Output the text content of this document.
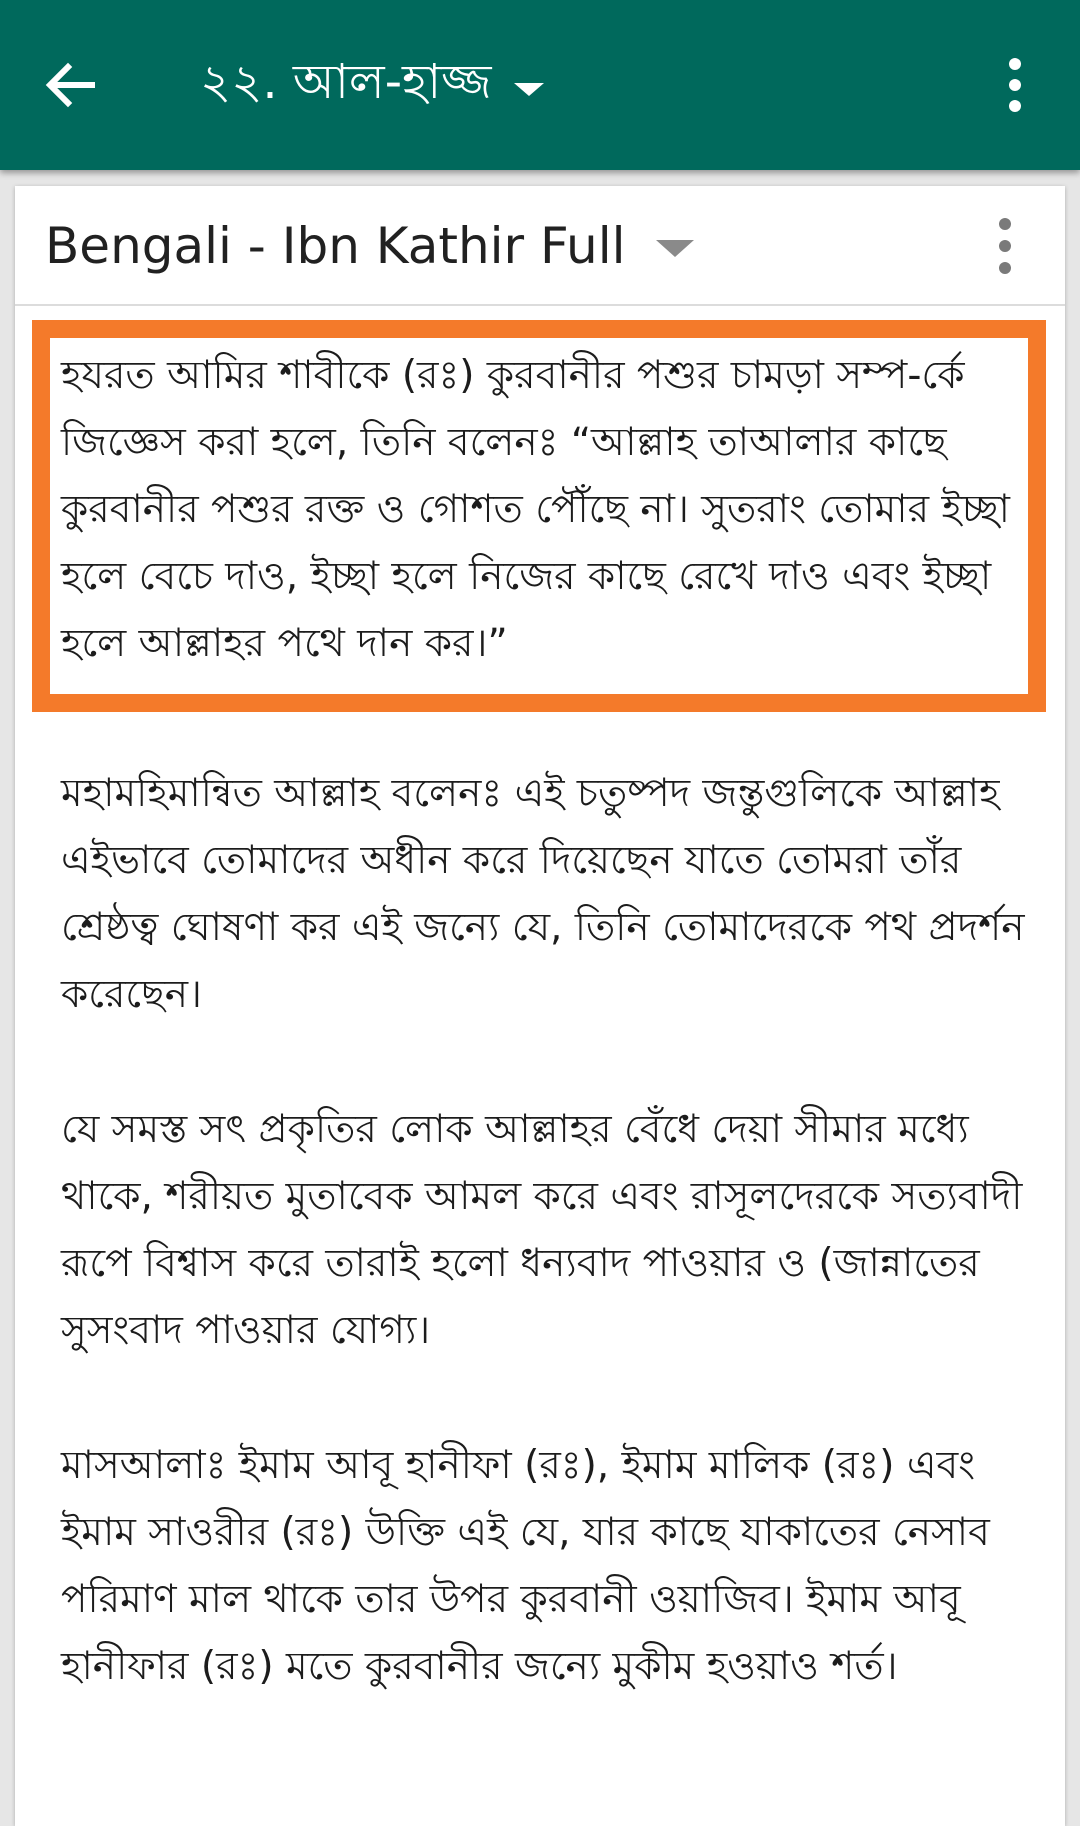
২২. আল-হাজ্জ
Bengali - Ibn Kathir Full

হযরত আমির শাবীকে (রঃ) কুরবানীর পশুর চামড়া সম্প-র্কে জিজ্ঞেস করা হলে, তিনি বলেনঃ “আল্লাহ তাআলার কাছে কুরবানীর পশুর রক্ত ও গোশত পৌঁছে না। সুতরাং তোমার ইচ্ছা হলে বেচে দাও, ইচ্ছা হলে নিজের কাছে রেখে দাও এবং ইচ্ছা হলে আল্লাহর পথে দান কর।”

মহামহিমান্বিত আল্লাহ বলেনঃ এই চতুষ্পদ জন্তুগুলিকে আল্লাহ এইভাবে তোমাদের অধীন করে দিয়েছেন যাতে তোমরা তাঁর শ্রেষ্ঠত্ব ঘোষণা কর এই জন্যে যে, তিনি তোমাদেরকে পথ প্রদর্শন করেছেন।

যে সমস্ত সৎ প্রকৃতির লোক আল্লাহর বেঁধে দেয়া সীমার মধ্যে থাকে, শরীয়ত মুতাবেক আমল করে এবং রাসূলদেরকে সত্যবাদী রূপে বিশ্বাস করে তারাই হলো ধন্যবাদ পাওয়ার ও (জান্নাতের সুসংবাদ পাওয়ার যোগ্য।

মাসআলাঃ ইমাম আবূ হানীফা (রঃ), ইমাম মালিক (রঃ) এবং ইমাম সাওরীর (রঃ) উক্তি এই যে, যার কাছে যাকাতের নেসাব পরিমাণ মাল থাকে তার উপর কুরবানী ওয়াজিব। ইমাম আবূ হানীফার (রঃ) মতে কুরবানীর জন্যে মুকীম হওয়াও শর্ত।
